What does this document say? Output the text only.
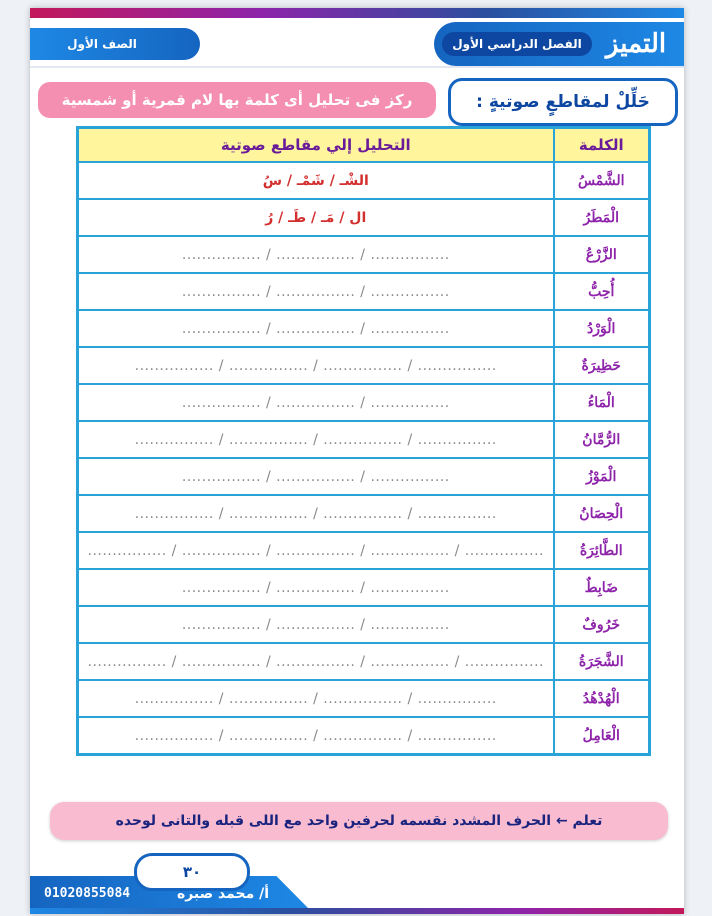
التميز
الفصل الدراسي الأول
الصف الأول
حَلِّلْ لمقاطعٍ صوتيةٍ :
ركز فى تحليل أى كلمة بها لام قمرية أو شمسية
الكلمة	التحليل إلي مقاطع صوتية
الشَّمْسُ	الشْـ / شَمْـ / سُ
الْمَطَرُ	ال / مَـ / طَـ / رُ
الزَّرْعُ	................ / ................ / ................
أُحِبُّ	................ / ................ / ................
الْوَرْدُ	................ / ................ / ................
حَظِيرَةٌ	................ / ................ / ................ / ................
الْمَاءُ	................ / ................ / ................
الرُّمَّانُ	................ / ................ / ................ / ................
الْمَوْزُ	................ / ................ / ................
الْحِصَانُ	................ / ................ / ................ / ................
الطَّائِرَةُ	................ / ................ / ................ / ................ / ................
ضَابِطٌ	................ / ................ / ................
خَرُوفٌ	................ / ................ / ................
الشَّجَرَةُ	................ / ................ / ................ / ................ / ................
الْهُدْهُدُ	................ / ................ / ................ / ................
الْعَامِلُ	................ / ................ / ................ / ................
تعلم ← الحرف المشدد نقسمه لحرفين واحد مع اللى قبله والتانى لوحده
٣٠
أ/ محمد صبره
01020855084
